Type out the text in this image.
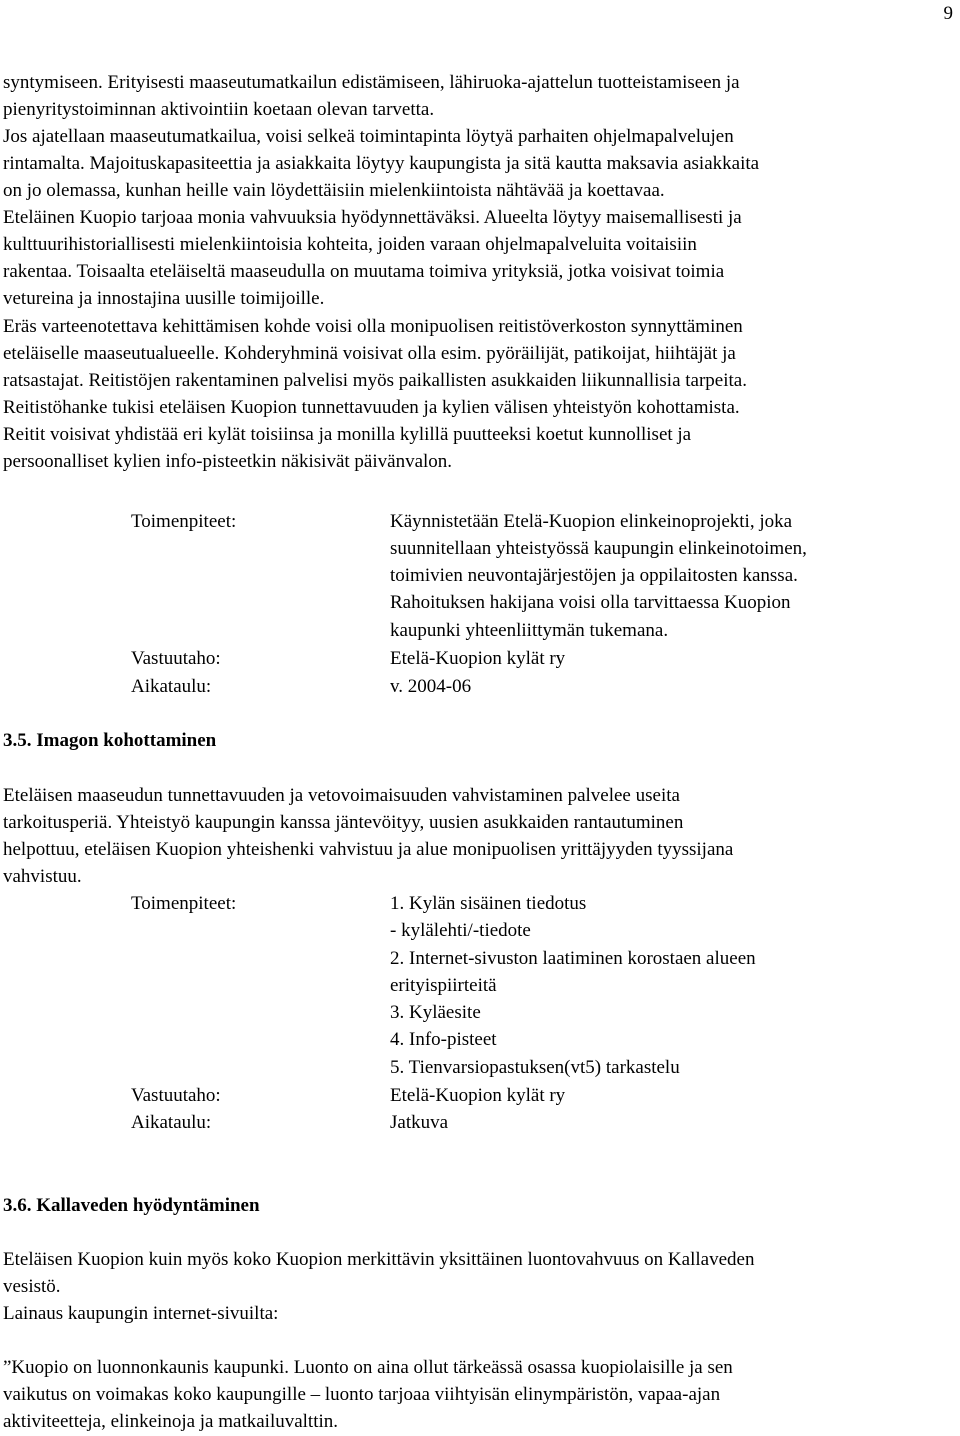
9

syntymiseen. Erityisesti maaseutumatkailun edistämiseen, lähiruoka-ajattelun tuotteistamiseen ja

pienyritystoiminnan aktivointiin koetaan olevan tarvetta.

Jos ajatellaan maaseutumatkailua, voisi selkeä toimintapinta löytyä parhaiten ohjelmapalvelujen

rintamalta. Majoituskapasiteettia ja asiakkaita löytyy kaupungista ja sitä kautta maksavia asiakkaita

on jo olemassa, kunhan heille vain löydettäisiin mielenkiintoista nähtävää ja koettavaa.

Eteläinen Kuopio tarjoaa monia vahvuuksia hyödynnettäväksi. Alueelta löytyy maisemallisesti ja

kulttuurihistoriallisesti mielenkiintoisia kohteita, joiden varaan ohjelmapalveluita voitaisiin

rakentaa. Toisaalta eteläiseltä maaseudulla on muutama toimiva yrityksiä, jotka voisivat toimia

vetureina ja innostajina uusille toimijoille.

Eräs varteenotettava kehittämisen kohde voisi olla monipuolisen reitistöverkoston synnyttäminen

eteläiselle maaseutualueelle. Kohderyhminä voisivat olla esim. pyöräilijät, patikoijat, hiihtäjät ja

ratsastajat. Reitistöjen rakentaminen palvelisi myös paikallisten asukkaiden liikunnallisia tarpeita.

Reitistöhanke tukisi eteläisen Kuopion tunnettavuuden ja kylien välisen yhteistyön kohottamista.

Reitit voisivat yhdistää eri kylät toisiinsa ja monilla kylillä puutteeksi koetut kunnolliset ja

persoonalliset kylien info-pisteetkin näkisivät päivänvalon.

Toimenpiteet:	Käynnistetään Etelä-Kuopion elinkeinoprojekti, joka

suunnitellaan yhteistyössä kaupungin elinkeinotoimen,

toimivien neuvontajärjestöjen ja oppilaitosten kanssa.

Rahoituksen hakijana voisi olla tarvittaessa Kuopion

kaupunki yhteenliittymän tukemana.

Vastuutaho:	Etelä-Kuopion kylät ry

Aikataulu:	v. 2004-06

3.5. Imagon kohottaminen

Eteläisen maaseudun tunnettavuuden ja vetovoimaisuuden vahvistaminen palvelee useita

tarkoitusperiä. Yhteistyö kaupungin kanssa jäntevöityy, uusien asukkaiden rantautuminen

helpottuu, eteläisen Kuopion yhteishenki vahvistuu ja alue monipuolisen yrittäjyyden tyyssijana

vahvistuu.

Toimenpiteet:	1. Kylän sisäinen tiedotus

- kylälehti/-tiedote

2. Internet-sivuston laatiminen korostaen alueen

erityispiirteitä

3. Kyläesite

4. Info-pisteet

5. Tienvarsiopastuksen(vt5) tarkastelu

Vastuutaho:	Etelä-Kuopion kylät ry

Aikataulu:	Jatkuva

3.6. Kallaveden hyödyntäminen

Eteläisen Kuopion kuin myös koko Kuopion merkittävin yksittäinen luontovahvuus on Kallaveden

vesistö.

Lainaus kaupungin internet-sivuilta:

”Kuopio on luonnonkaunis kaupunki. Luonto on aina ollut tärkeässä osassa kuopiolaisille ja sen

vaikutus on voimakas koko kaupungille – luonto tarjoaa viihtyisän elinympäristön, vapaa-ajan

aktiviteetteja, elinkeinoja ja matkailuvalttin.
